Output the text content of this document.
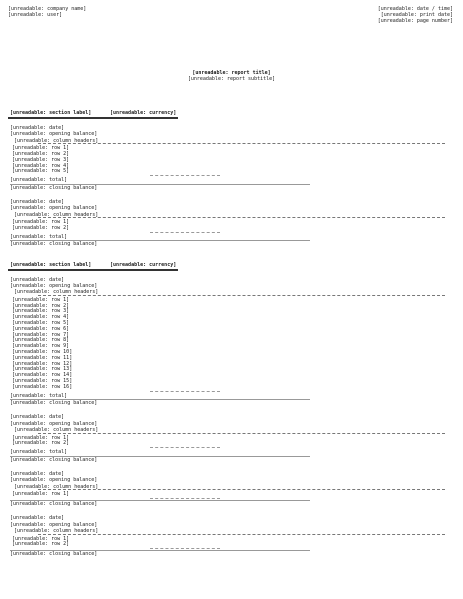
[unreadable: company name]
[unreadable: user]
[unreadable: date / time]
[unreadable: print date]
[unreadable: page number]
[unreadable: report title]
[unreadable: report subtitle]
[unreadable: section label]	[unreadable: currency]
[unreadable: date]
[unreadable: opening balance]
[unreadable: column headers]
[unreadable: row 1]
[unreadable: row 2]
[unreadable: row 3]
[unreadable: row 4]
[unreadable: row 5]
[unreadable: total]
[unreadable: closing balance]
[unreadable: date]
[unreadable: opening balance]
[unreadable: column headers]
[unreadable: row 1]
[unreadable: row 2]
[unreadable: total]
[unreadable: closing balance]
[unreadable: section label]	[unreadable: currency]
[unreadable: date]
[unreadable: opening balance]
[unreadable: column headers]
[unreadable: row 1]
[unreadable: row 2]
[unreadable: row 3]
[unreadable: row 4]
[unreadable: row 5]
[unreadable: row 6]
[unreadable: row 7]
[unreadable: row 8]
[unreadable: row 9]
[unreadable: row 10]
[unreadable: row 11]
[unreadable: row 12]
[unreadable: row 13]
[unreadable: row 14]
[unreadable: row 15]
[unreadable: row 16]
[unreadable: total]
[unreadable: closing balance]
[unreadable: date]
[unreadable: opening balance]
[unreadable: column headers]
[unreadable: row 1]
[unreadable: row 2]
[unreadable: total]
[unreadable: closing balance]
[unreadable: date]
[unreadable: opening balance]
[unreadable: column headers]
[unreadable: row 1]
[unreadable: closing balance]
[unreadable: date]
[unreadable: opening balance]
[unreadable: column headers]
[unreadable: row 1]
[unreadable: row 2]
[unreadable: closing balance]
